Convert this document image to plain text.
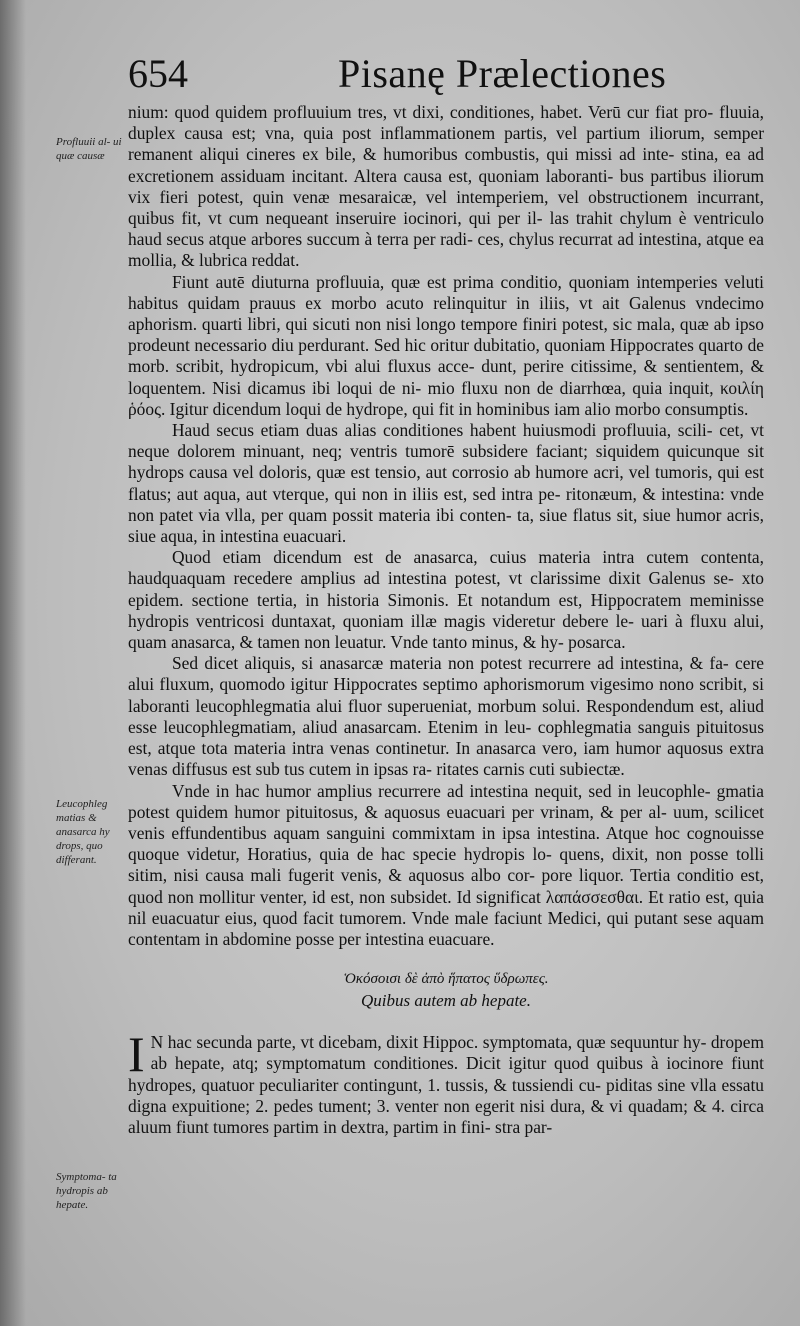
654	Pisanę Prælectiones
Profluuii al- ui quæ causæ
Leucophleg matias & anasarca hy drops, quo differant.
Symptoma- ta hydropis ab hepate.

nium: quod quidem profluuium tres, vt dixi, conditiones, habet. Verū cur fiat pro- fluuia, duplex causa est; vna, quia post inflammationem partis, vel partium iliorum, semper remanent aliqui cineres ex bile, & humoribus combustis, qui missi ad inte- stina, ea ad excretionem assiduam incitant. Altera causa est, quoniam laboranti- bus partibus iliorum vix fieri potest, quin venæ mesaraicæ, vel intemperiem, vel obstructionem incurrant, quibus fit, vt cum nequeant inseruire iocinori, qui per il- las trahit chylum è ventriculo haud secus atque arbores succum à terra per radi- ces, chylus recurrat ad intestina, atque ea mollia, & lubrica reddat.

Fiunt autē diuturna profluuia, quæ est prima conditio, quoniam intemperies veluti habitus quidam prauus ex morbo acuto relinquitur in iliis, vt ait Galenus vndecimo aphorism. quarti libri, qui sicuti non nisi longo tempore finiri potest, sic mala, quæ ab ipso prodeunt necessario diu perdurant. Sed hic oritur dubitatio, quoniam Hippocrates quarto de morb. scribit, hydropicum, vbi alui fluxus acce- dunt, perire citissime, & sentientem, & loquentem. Nisi dicamus ibi loqui de ni- mio fluxu non de diarrhœa, quia inquit, κοιλίη ῥόος. Igitur dicendum loqui de hydrope, qui fit in hominibus iam alio morbo consumptis.

Haud secus etiam duas alias conditiones habent huiusmodi profluuia, scili- cet, vt neque dolorem minuant, neq; ventris tumorē subsidere faciant; siquidem quicunque sit hydrops causa vel doloris, quæ est tensio, aut corrosio ab humore acri, vel tumoris, qui est flatus; aut aqua, aut vterque, qui non in iliis est, sed intra pe- ritonæum, & intestina: vnde non patet via vlla, per quam possit materia ibi conten- ta, siue flatus sit, siue humor acris, siue aqua, in intestina euacuari.

Quod etiam dicendum est de anasarca, cuius materia intra cutem contenta, haudquaquam recedere amplius ad intestina potest, vt clarissime dixit Galenus se- xto epidem. sectione tertia, in historia Simonis. Et notandum est, Hippocratem meminisse hydropis ventricosi duntaxat, quoniam illæ magis videretur debere le- uari à fluxu alui, quam anasarca, & tamen non leuatur. Vnde tanto minus, & hy- posarca.

Sed dicet aliquis, si anasarcæ materia non potest recurrere ad intestina, & fa- cere alui fluxum, quomodo igitur Hippocrates septimo aphorismorum vigesimo nono scribit, si laboranti leucophlegmatia alui fluor superueniat, morbum solui. Respondendum est, aliud esse leucophlegmatiam, aliud anasarcam. Etenim in leu- cophlegmatia sanguis pituitosus est, atque tota materia intra venas continetur. In anasarca vero, iam humor aquosus extra venas diffusus est sub tus cutem in ipsas ra- ritates carnis cuti subiectæ.

Vnde in hac humor amplius recurrere ad intestina nequit, sed in leucophle- gmatia potest quidem humor pituitosus, & aquosus euacuari per vrinam, & per al- uum, scilicet venis effundentibus aquam sanguini commixtam in ipsa intestina. Atque hoc cognouisse quoque videtur, Horatius, quia de hac specie hydropis lo- quens, dixit, non posse tolli sitim, nisi causa mali fugerit venis, & aquosus albo cor- pore liquor. Tertia conditio est, quod non mollitur venter, id est, non subsidet. Id significat λαπάσσεσθαι. Et ratio est, quia nil euacuatur eius, quod facit tumorem. Vnde male faciunt Medici, qui putant sese aquam contentam in abdomine posse per intestina euacuare.

Ὁκόσοισι δὲ ἀπὸ ἥπατος ὕδρωπες.

Quibus autem ab hepate.

I N hac secunda parte, vt dicebam, dixit Hippoc. symptomata, quæ sequuntur hy- dropem ab hepate, atq; symptomatum conditiones. Dicit igitur quod quibus à iocinore fiunt hydropes, quatuor peculiariter contingunt, 1. tussis, & tussiendi cu- piditas sine vlla essatu digna expuitione; 2. pedes tument; 3. venter non egerit nisi dura, & vi quadam; & 4. circa aluum fiunt tumores partim in dextra, partim in fini- stra par-
